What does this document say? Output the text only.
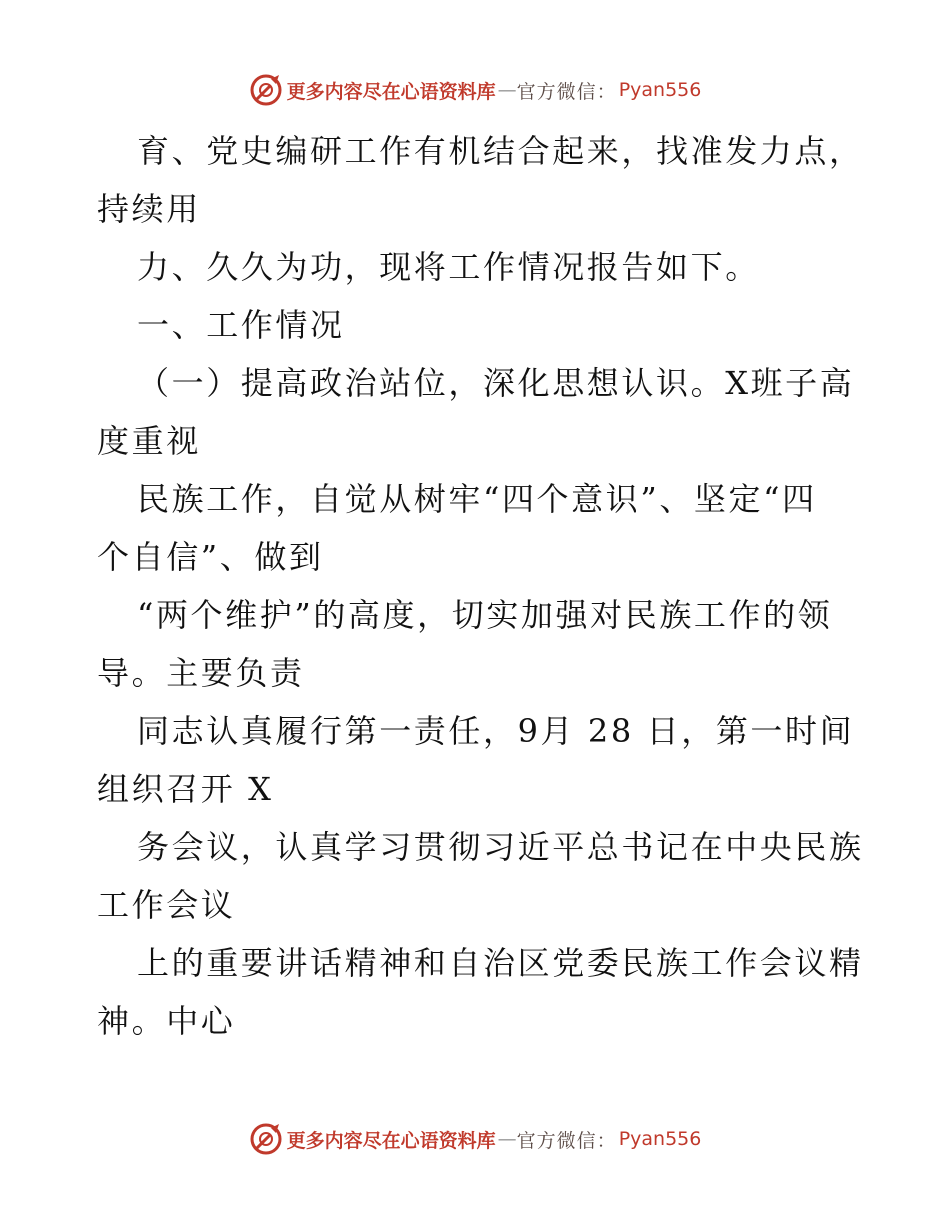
更多内容尽在心语资料库 — 官方微信： Pyan556
育、党史编研工作有机结合起来，找准发力点，
持续用
力、久久为功，现将工作情况报告如下。
一、工作情况
（一）提高政治站位，深化思想认识。X班子高
度重视
民族工作，自觉从树牢“四个意识”、坚定“四
个自信”、做到
“两个维护”的高度，切实加强对民族工作的领
导。主要负责
同志认真履行第一责任，9月 28 日，第一时间
组织召开 X
务会议，认真学习贯彻习近平总书记在中央民族
工作会议
上的重要讲话精神和自治区党委民族工作会议精
神。中心
更多内容尽在心语资料库 — 官方微信： Pyan556
